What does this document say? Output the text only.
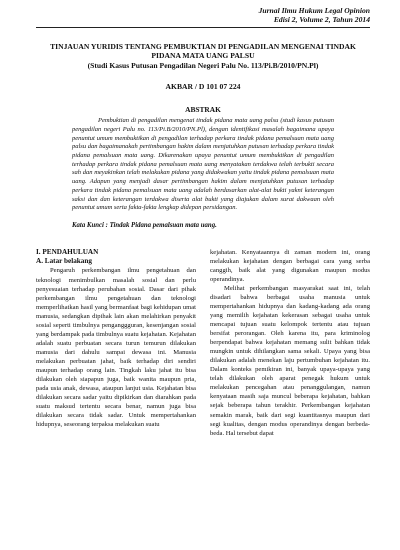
Jurnal Ilmu Hukum Legal Opinion
Edisi 2, Volume 2, Tahun 2014
TINJAUAN YURIDIS TENTANG PEMBUKTIAN DI PENGADILAN MENGENAI TINDAK PIDANA MATA UANG PALSU
(Studi Kasus Putusan Pengadilan Negeri Palu No. 113/Pi.B/2010/PN.Pl)
AKBAR / D 101 07 224
ABSTRAK
Pembuktian di pengadilan mengenai tindak pidana mata uang palsu (studi kasus putusan pengadilan negeri Palu no. 113/Pi.B/2010/PN.Pl), dengan identifikasi masalah bagaimana upaya penuntut umum membuktikan di pengadilan terhadap perkara tindak pidana pemalsuan mata uang palsu dan bagaimanakah pertimbangan hakim dalam menjatuhkan putusan terhadap perkara tindak pidana pemalsuan mata uang. Dikarenakan upaya penuntut umum membuktikan di pengadilan terhadap perkara tindak pidana pemalsuan mata uang menyatakan terdakwa telah terbukti secara sah dan meyakinkan telah melakukan pidana yang didakwakan yaitu tindak pidana pemalsuan mata uang. Adapun yang menjadi dasar pertimbangan hakim dalam menjatuhkan putusan terhadap perkara tindak pidana pemalsuan mata uang adalah berdasarkan alat-alat bukti yakni keterangan saksi dan dan keterangan terdakwa diserta alat bukti yang diajukan dalam surat dakwaan oleh penuntut umum serta fakta-fakta lengkap didepan persidangan.
Kata Kunci : Tindak Pidana pemalsuan mata uang.
I. PENDAHULUAN
A. Latar belakang

Pengaruh perkembangan ilmu pengetahuan dan teknologi menimbulkan masalah sosial dan perlu penyesuaian terhadap perubahan sosial. Dasar dari pihak perkembangan ilmu pengetahuan dan teknologi memperlihatkan hasil yang bermanfaat bagi kehidupan umat manusia, sedangkan dipihak lain akan melahirkan penyakit sosial seperti timbulnya penganggguran, kesenjangan sosial yang berdampak pada timbulnya suatu kejahatan. Kejahatan adalah suatu perbuatan secara turun temurun dilakukan manusia dari dahulu sampai dewasa ini. Manusia melakukan perbuatan jahat, baik terhadap diri sendiri maupun terhadap orang lain. Tingkah laku jahat itu bisa dilakukan oleh siapapun juga, baik wanita maupun pria, pada usia anak, dewasa, ataupun lanjut usia. Kejahatan bisa dilakukan secara sadar yaitu dipikirkan dan diarahkan pada suatu maksud tertentu secara benar, namun juga bisa dilakukan secara tidak sadar. Untuk mempertahankan hidupnya, seseorang terpaksa melakukan suatu

kejahatan. Kenyataannya di zaman modern ini, orang melakukan kejahatan dengan berbagai cara yang serba canggih, baik alat yang digunakan maupun modus operandinya.

Melihat perkembangan masyarakat saat ini, telah disadari bahwa berbagai usaha manusia untuk mempertahankan hidupnya dan kadang-kadang ada orang yang memilih kejahatan kekerasan sebagai usaha untuk mencapai tujuan suatu kelompok tertentu atau tujuan bersifat perorangan. Oleh karena itu, para kriminolog berpendapat bahwa kejahatan memang sulit bahkan tidak mungkin untuk dihilangkan sama sekali. Upaya yang bisa dilakukan adalah menekan laju pertumbuhan kejahatan itu. Dalam konteks pemikiran ini, banyak upaya-upaya yang telah dilakukan oleh aparat penegak hukum untuk melakukan pencegahan atau penanggulangan, namun kenyataan masih saja muncul beberapa kejahatan, bahkan sejak beberapa tahun terakhir. Perkembangan kejahatan semakin marak, baik dari segi kuantitasnya maupun dari segi kualitas, dengan modus operandinya dengan berbeda-beda. Hal tersebut dapat
